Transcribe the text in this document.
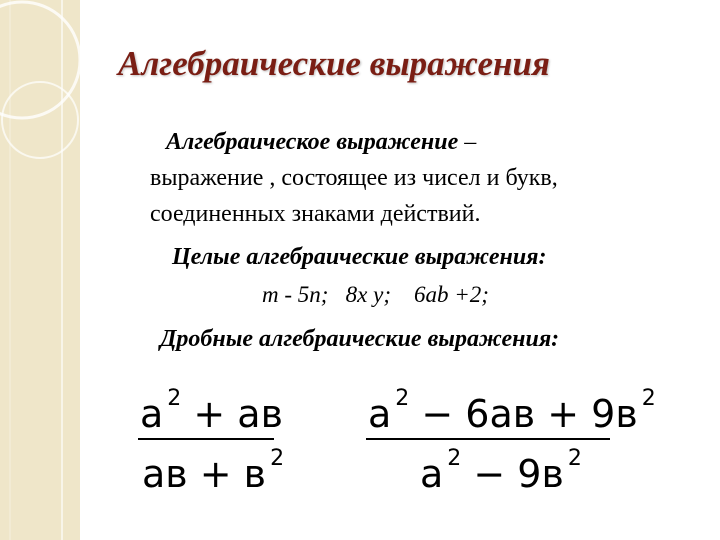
Алгебраические выражения
Алгебраическое выражение –
выражение , состоящее из чисел и букв,
соединенных знаками действий.
Целые алгебраические выражения:
m - 5n;   8x y;    6ab +2;
Дробные алгебраические выражения:
a $^2$ + ав
ав + в $^2$
a $^2$ − 6ав + 9в $^2$
a $^2$ − 9в $^2$
